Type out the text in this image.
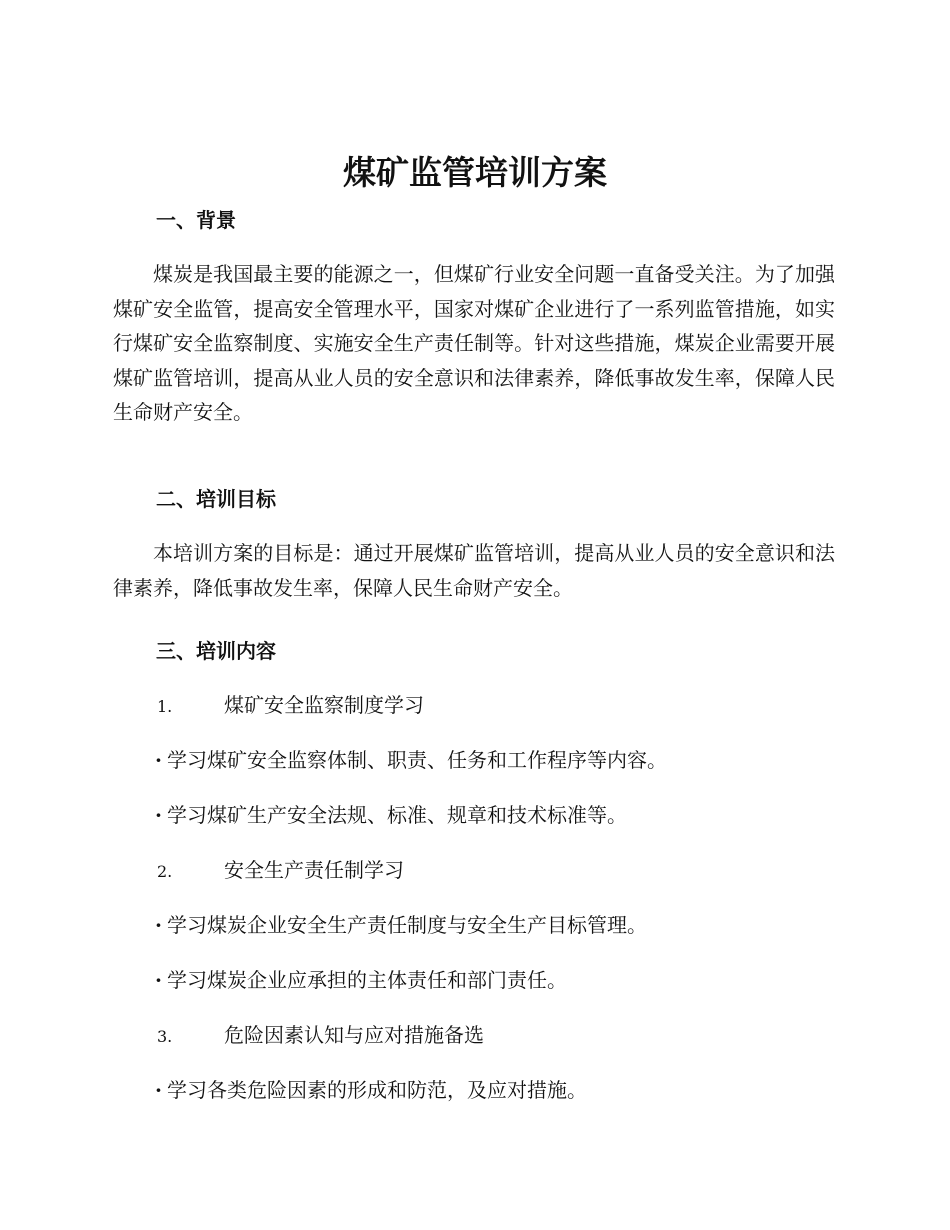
煤矿监管培训方案
一、背景
煤炭是我国最主要的能源之一，但煤矿行业安全问题一直备受关注。为了加强煤矿安全监管，提高安全管理水平，国家对煤矿企业进行了一系列监管措施，如实行煤矿安全监察制度、实施安全生产责任制等。针对这些措施，煤炭企业需要开展煤矿监管培训，提高从业人员的安全意识和法律素养，降低事故发生率，保障人民生命财产安全。
二、培训目标
本培训方案的目标是：通过开展煤矿监管培训，提高从业人员的安全意识和法律素养，降低事故发生率，保障人民生命财产安全。
三、培训内容
1.	煤矿安全监察制度学习
· 学习煤矿安全监察体制、职责、任务和工作程序等内容。
· 学习煤矿生产安全法规、标准、规章和技术标准等。
2.	安全生产责任制学习
· 学习煤炭企业安全生产责任制度与安全生产目标管理。
· 学习煤炭企业应承担的主体责任和部门责任。
3.	危险因素认知与应对措施备选
· 学习各类危险因素的形成和防范，及应对措施。
